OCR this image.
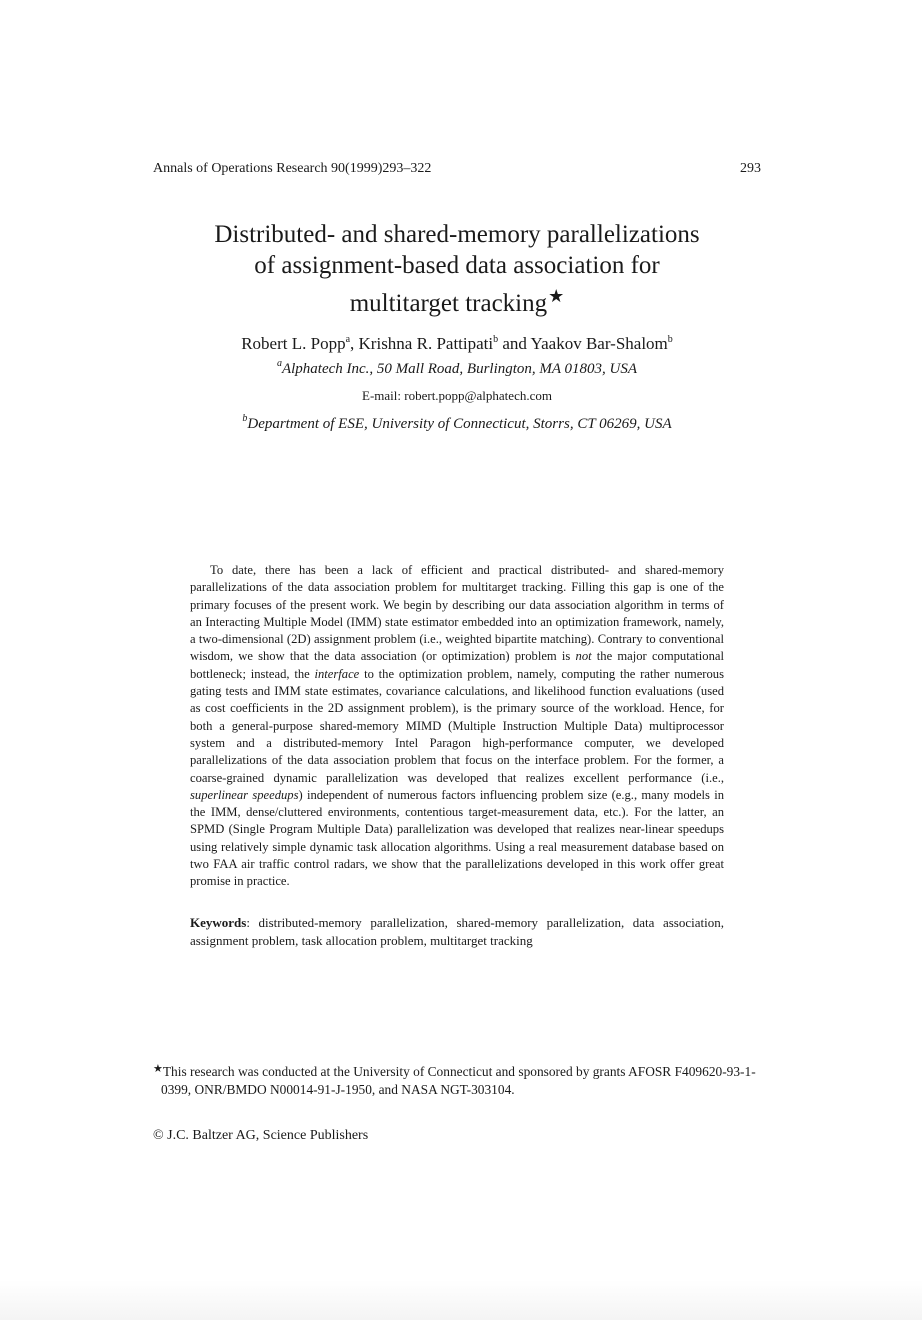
Annals of Operations Research 90(1999)293–322	293
Distributed- and shared-memory parallelizations
of assignment-based data association for
multitarget tracking★
Robert L. Popp$^a$, Krishna R. Pattipati$^b$ and Yaakov Bar-Shalom$^b$
$^a$Alphatech Inc., 50 Mall Road, Burlington, MA 01803, USA
E-mail: robert.popp@alphatech.com
$^b$Department of ESE, University of Connecticut, Storrs, CT 06269, USA

To date, there has been a lack of efficient and practical distributed- and shared-memory parallelizations of the data association problem for multitarget tracking. Filling this gap is one of the primary focuses of the present work. We begin by describing our data association algorithm in terms of an Interacting Multiple Model (IMM) state estimator embedded into an optimization framework, namely, a two-dimensional (2D) assignment problem (i.e., weighted bipartite matching). Contrary to conventional wisdom, we show that the data association (or optimization) problem is not the major computational bottleneck; instead, the interface to the optimization problem, namely, computing the rather numerous gating tests and IMM state estimates, covariance calculations, and likelihood function evaluations (used as cost coefficients in the 2D assignment problem), is the primary source of the workload. Hence, for both a general-purpose shared-memory MIMD (Multiple Instruction Multiple Data) multiprocessor system and a distributed-memory Intel Paragon high-performance computer, we developed parallelizations of the data association problem that focus on the interface problem. For the former, a coarse-grained dynamic parallelization was developed that realizes excellent performance (i.e., superlinear speedups) independent of numerous factors influencing problem size (e.g., many models in the IMM, dense/cluttered environments, contentious target-measurement data, etc.). For the latter, an SPMD (Single Program Multiple Data) parallelization was developed that realizes near-linear speedups using relatively simple dynamic task allocation algorithms. Using a real measurement database based on two FAA air traffic control radars, we show that the parallelizations developed in this work offer great promise in practice.

Keywords: distributed-memory parallelization, shared-memory parallelization, data association, assignment problem, task allocation problem, multitarget tracking
★This research was conducted at the University of Connecticut and sponsored by grants AFOSR F409620-93-1-0399, ONR/BMDO N00014-91-J-1950, and NASA NGT-303104.
© J.C. Baltzer AG, Science Publishers
